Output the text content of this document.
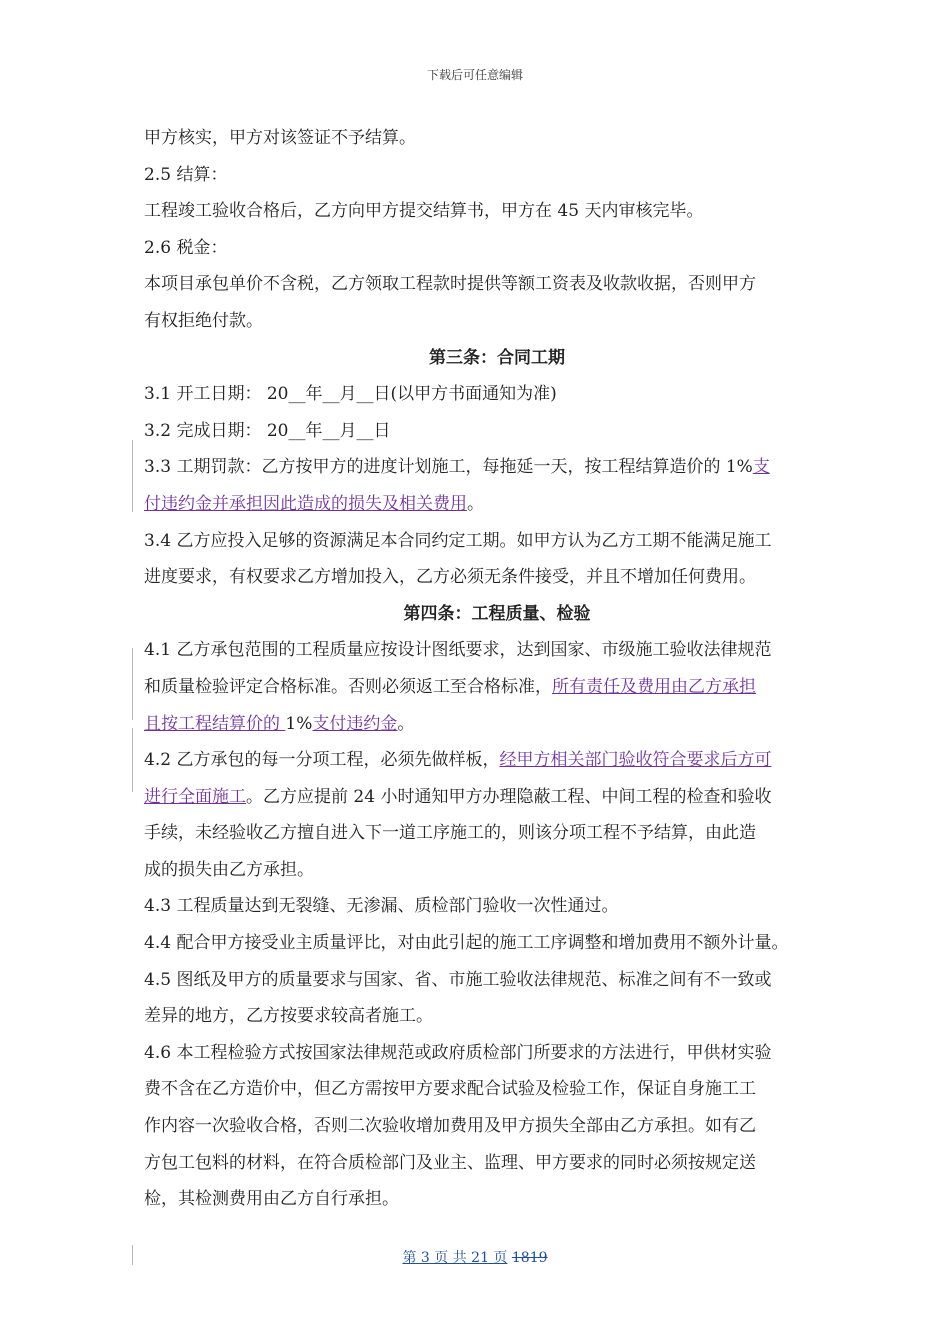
下载后可任意编辑

甲方核实，甲方对该签证不予结算。

2.5 结算：

工程竣工验收合格后，乙方向甲方提交结算书，甲方在 45 天内审核完毕。

2.6 税金：

本项目承包单价不含税，乙方领取工程款时提供等额工资表及收款收据，否则甲方

有权拒绝付款。

第三条：合同工期

3.1 开工日期： 20__年__月__日(以甲方书面通知为准)

3.2 完成日期： 20__年__月__日

3.3 工期罚款：乙方按甲方的进度计划施工，每拖延一天，按工程结算造价的 1%支

付违约金并承担因此造成的损失及相关费用。

3.4 乙方应投入足够的资源满足本合同约定工期。如甲方认为乙方工期不能满足施工

进度要求，有权要求乙方增加投入，乙方必须无条件接受，并且不增加任何费用。

第四条：工程质量、检验

4.1 乙方承包范围的工程质量应按设计图纸要求，达到国家、市级施工验收法律规范

和质量检验评定合格标准。否则必须返工至合格标准，所有责任及费用由乙方承担

且按工程结算价的 1%支付违约金。

4.2 乙方承包的每一分项工程，必须先做样板，经甲方相关部门验收符合要求后方可

进行全面施工。乙方应提前 24 小时通知甲方办理隐蔽工程、中间工程的检查和验收

手续，未经验收乙方擅自进入下一道工序施工的，则该分项工程不予结算，由此造

成的损失由乙方承担。

4.3 工程质量达到无裂缝、无渗漏、质检部门验收一次性通过。

4.4 配合甲方接受业主质量评比，对由此引起的施工工序调整和增加费用不额外计量。

4.5 图纸及甲方的质量要求与国家、省、市施工验收法律规范、标准之间有不一致或

差异的地方，乙方按要求较高者施工。

4.6 本工程检验方式按国家法律规范或政府质检部门所要求的方法进行，甲供材实验

费不含在乙方造价中，但乙方需按甲方要求配合试验及检验工作，保证自身施工工

作内容一次验收合格，否则二次验收增加费用及甲方损失全部由乙方承担。如有乙

方包工包料的材料，在符合质检部门及业主、监理、甲方要求的同时必须按规定送

检，其检测费用由乙方自行承担。

第 3 页 共 21 页 1819
